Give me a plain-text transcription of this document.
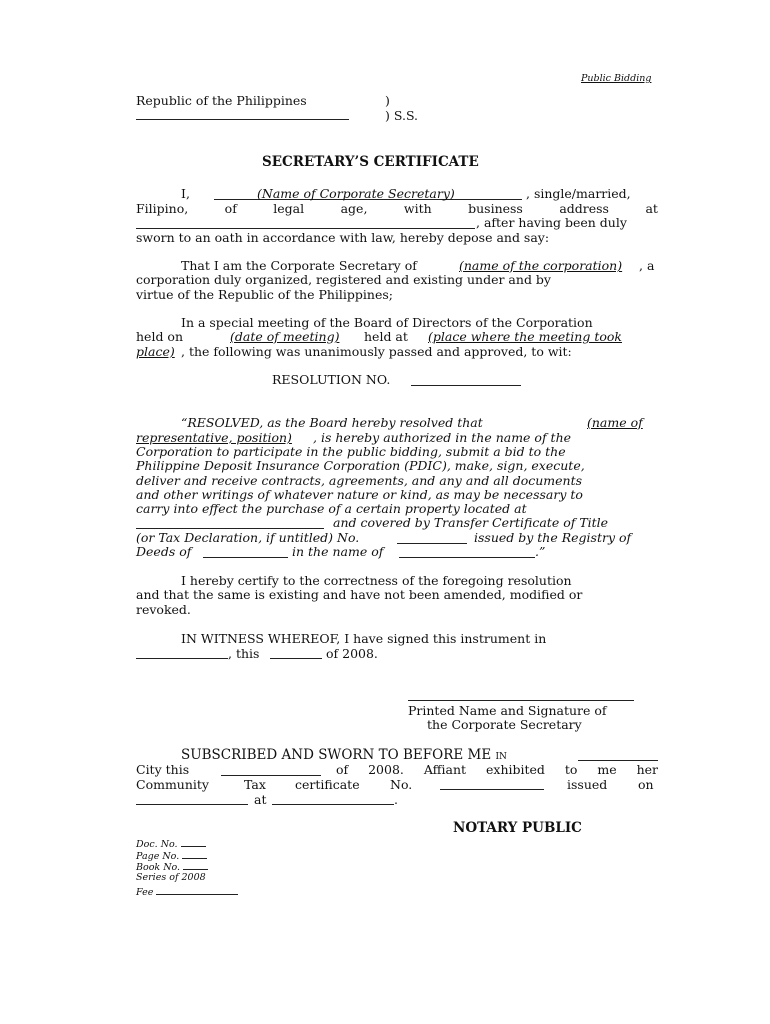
Public Bidding
Republic of the Philippines	)
) S.S.
SECRETARY’S CERTIFICATE
I,	(Name of Corporate Secretary)	, single/married,
Filipino,	of	legal	age,	with	business	address	at
, after having been duly
sworn to an oath in accordance with law, hereby depose and say:
That I am the Corporate Secretary of	(name of the corporation) , a
corporation duly organized, registered and existing under and by
virtue of the Republic of the Philippines;
In a special meeting of the Board of Directors of the Corporation
held on	(date of meeting) held at (place where the meeting took
place) , the following was unanimously passed and approved, to wit:
RESOLUTION NO.
“RESOLVED, as the Board hereby resolved that	(name of
representative, position) , is hereby authorized in the name of the
Corporation to participate in the public bidding, submit a bid to the
Philippine Deposit Insurance Corporation (PDIC), make, sign, execute,
deliver and receive contracts, agreements, and any and all documents
and other writings of whatever nature or kind, as may be necessary to
carry into effect the purchase of a certain property located at
and covered by Transfer Certificate of Title
(or Tax Declaration, if untitled) No.	issued by the Registry of
Deeds of	in the name of	.”
I hereby certify to the correctness of the foregoing resolution
and that the same is existing and have not been amended, modified or
revoked.
IN WITNESS WHEREOF, I have signed this instrument in
, this	of 2008.
Printed Name and Signature of
the Corporate Secretary
SUBSCRIBED AND SWORN TO BEFORE ME in
City this	of 2008. Affiant exhibited to me her
Community	Tax certificate No.	issued on
at	.
NOTARY PUBLIC
Doc. No.
Page No.
Book No.
Series of 2008
Fee
